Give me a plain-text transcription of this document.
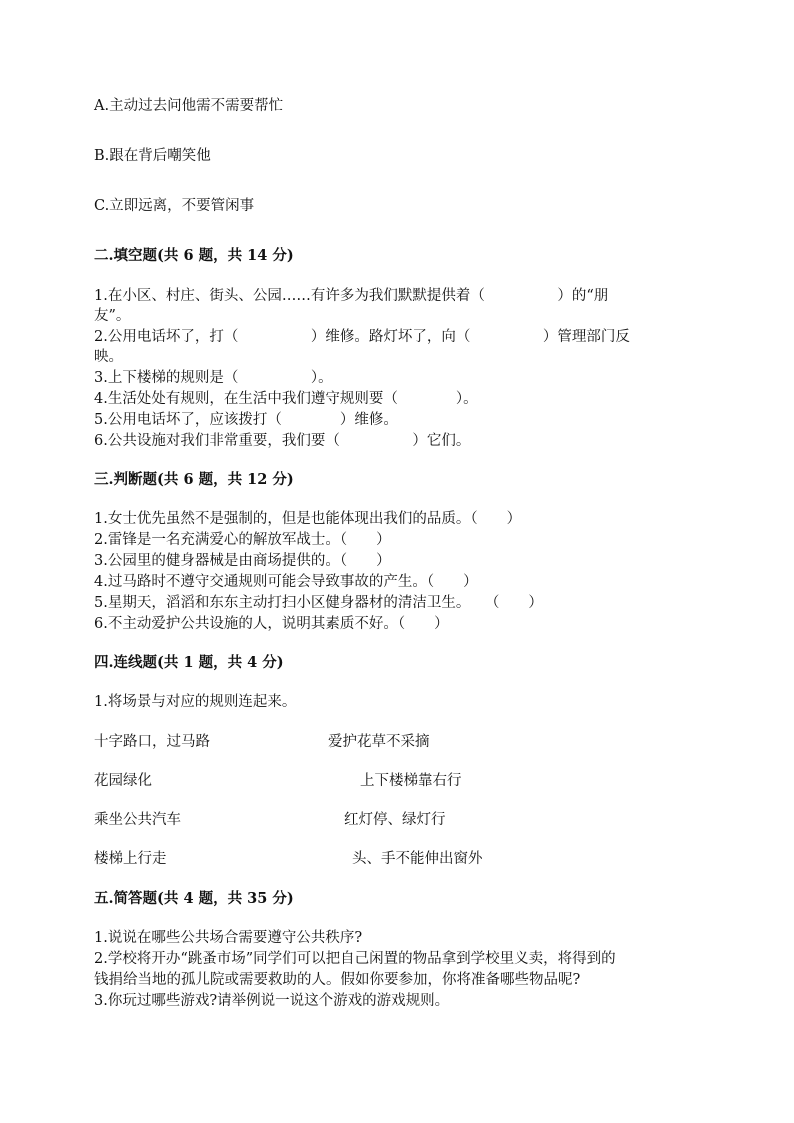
A.主动过去问他需不需要帮忙
B.跟在背后嘲笑他
C.立即远离，不要管闲事
二.填空题(共 6 题，共 14 分)
1.在小区、村庄、街头、公园……有许多为我们默默提供着（　　　　　）的“朋
友”。
2.公用电话坏了，打（　　　　　）维修。路灯坏了，向（　　　　　）管理部门反
映。
3.上下楼梯的规则是（　　　　　）。
4.生活处处有规则，在生活中我们遵守规则要（　　　　）。
5.公用电话坏了，应该拨打（　　　　）维修。
6.公共设施对我们非常重要，我们要（　　　　　）它们。
三.判断题(共 6 题，共 12 分)
1.女士优先虽然不是强制的，但是也能体现出我们的品质。（　　）
2.雷锋是一名充满爱心的解放军战士。（　　）
3.公园里的健身器械是由商场提供的。（　　）
4.过马路时不遵守交通规则可能会导致事故的产生。（　　）
5.星期天，滔滔和东东主动打扫小区健身器材的清洁卫生。　　（　　）
6.不主动爱护公共设施的人，说明其素质不好。（　　）
四.连线题(共 1 题，共 4 分)
1.将场景与对应的规则连起来。
十字路口，过马路	爱护花草不采摘
花园绿化	上下楼梯靠右行
乘坐公共汽车	红灯停、绿灯行
楼梯上行走	头、手不能伸出窗外
五.简答题(共 4 题，共 35 分)
1.说说在哪些公共场合需要遵守公共秩序?
2.学校将开办“跳蚤市场”同学们可以把自己闲置的物品拿到学校里义卖，将得到的
钱捐给当地的孤儿院或需要救助的人。假如你要参加，你将准备哪些物品呢?
3.你玩过哪些游戏?请举例说一说这个游戏的游戏规则。
